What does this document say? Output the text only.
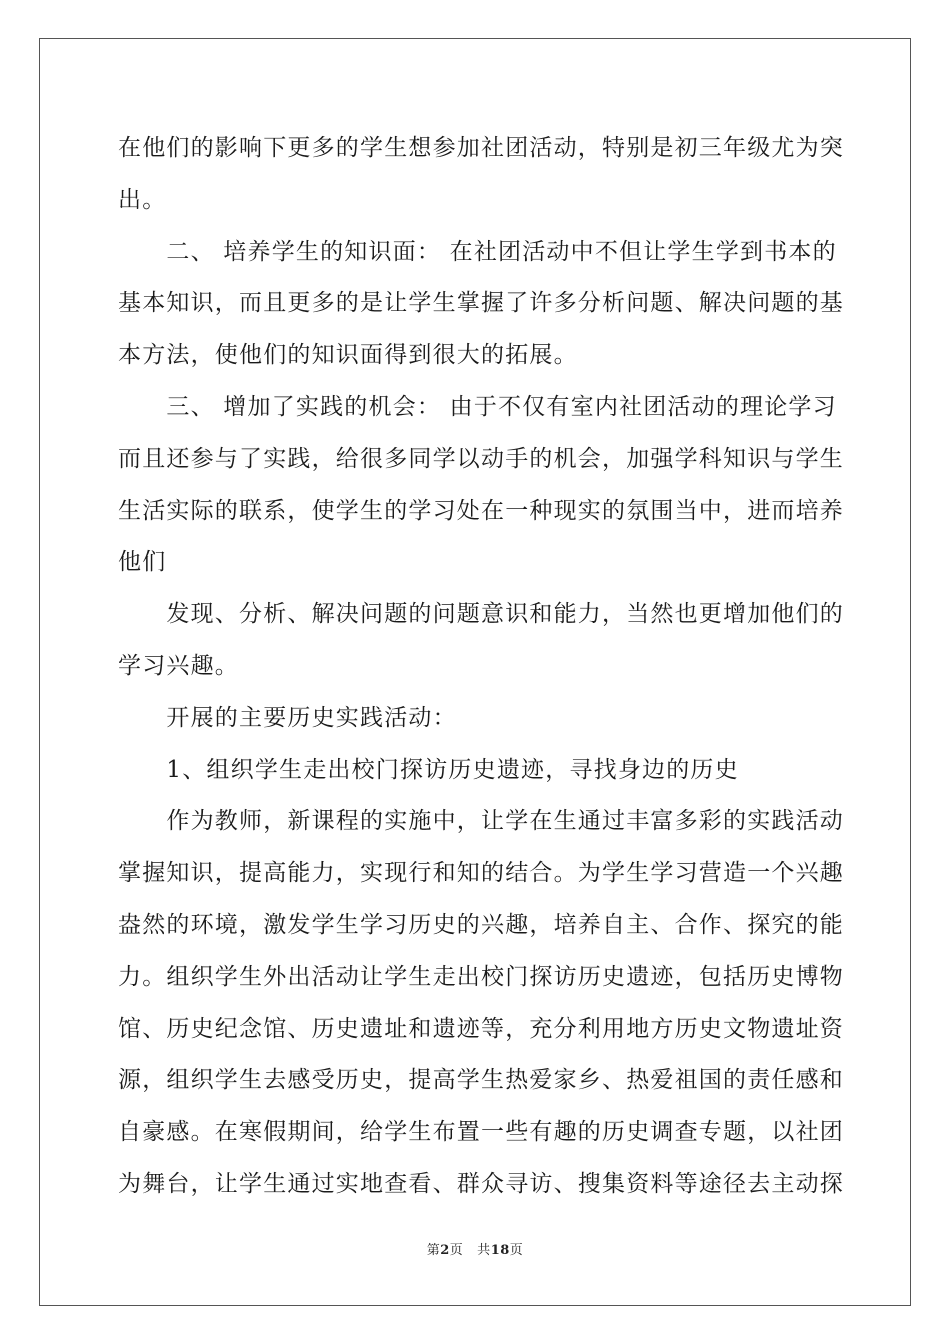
在他们的影响下更多的学生想参加社团活动，特别是初三年级尤为突

出。

　　二、 培养学生的知识面： 在社团活动中不但让学生学到书本的

基本知识，而且更多的是让学生掌握了许多分析问题、解决问题的基

本方法，使他们的知识面得到很大的拓展。

　　三、 增加了实践的机会： 由于不仅有室内社团活动的理论学习

而且还参与了实践，给很多同学以动手的机会，加强学科知识与学生

生活实际的联系，使学生的学习处在一种现实的氛围当中，进而培养

他们

　　发现、分析、解决问题的问题意识和能力，当然也更增加他们的

学习兴趣。

　　开展的主要历史实践活动：

　　1、组织学生走出校门探访历史遗迹，寻找身边的历史

　　作为教师，新课程的实施中，让学在生通过丰富多彩的实践活动

掌握知识，提高能力，实现行和知的结合。为学生学习营造一个兴趣

盎然的环境，激发学生学习历史的兴趣，培养自主、合作、探究的能

力。组织学生外出活动让学生走出校门探访历史遗迹，包括历史博物

馆、历史纪念馆、历史遗址和遗迹等，充分利用地方历史文物遗址资

源，组织学生去感受历史，提高学生热爱家乡、热爱祖国的责任感和

自豪感。在寒假期间，给学生布置一些有趣的历史调查专题，以社团

为舞台，让学生通过实地查看、群众寻访、搜集资料等途径去主动探

第2页 共18页
